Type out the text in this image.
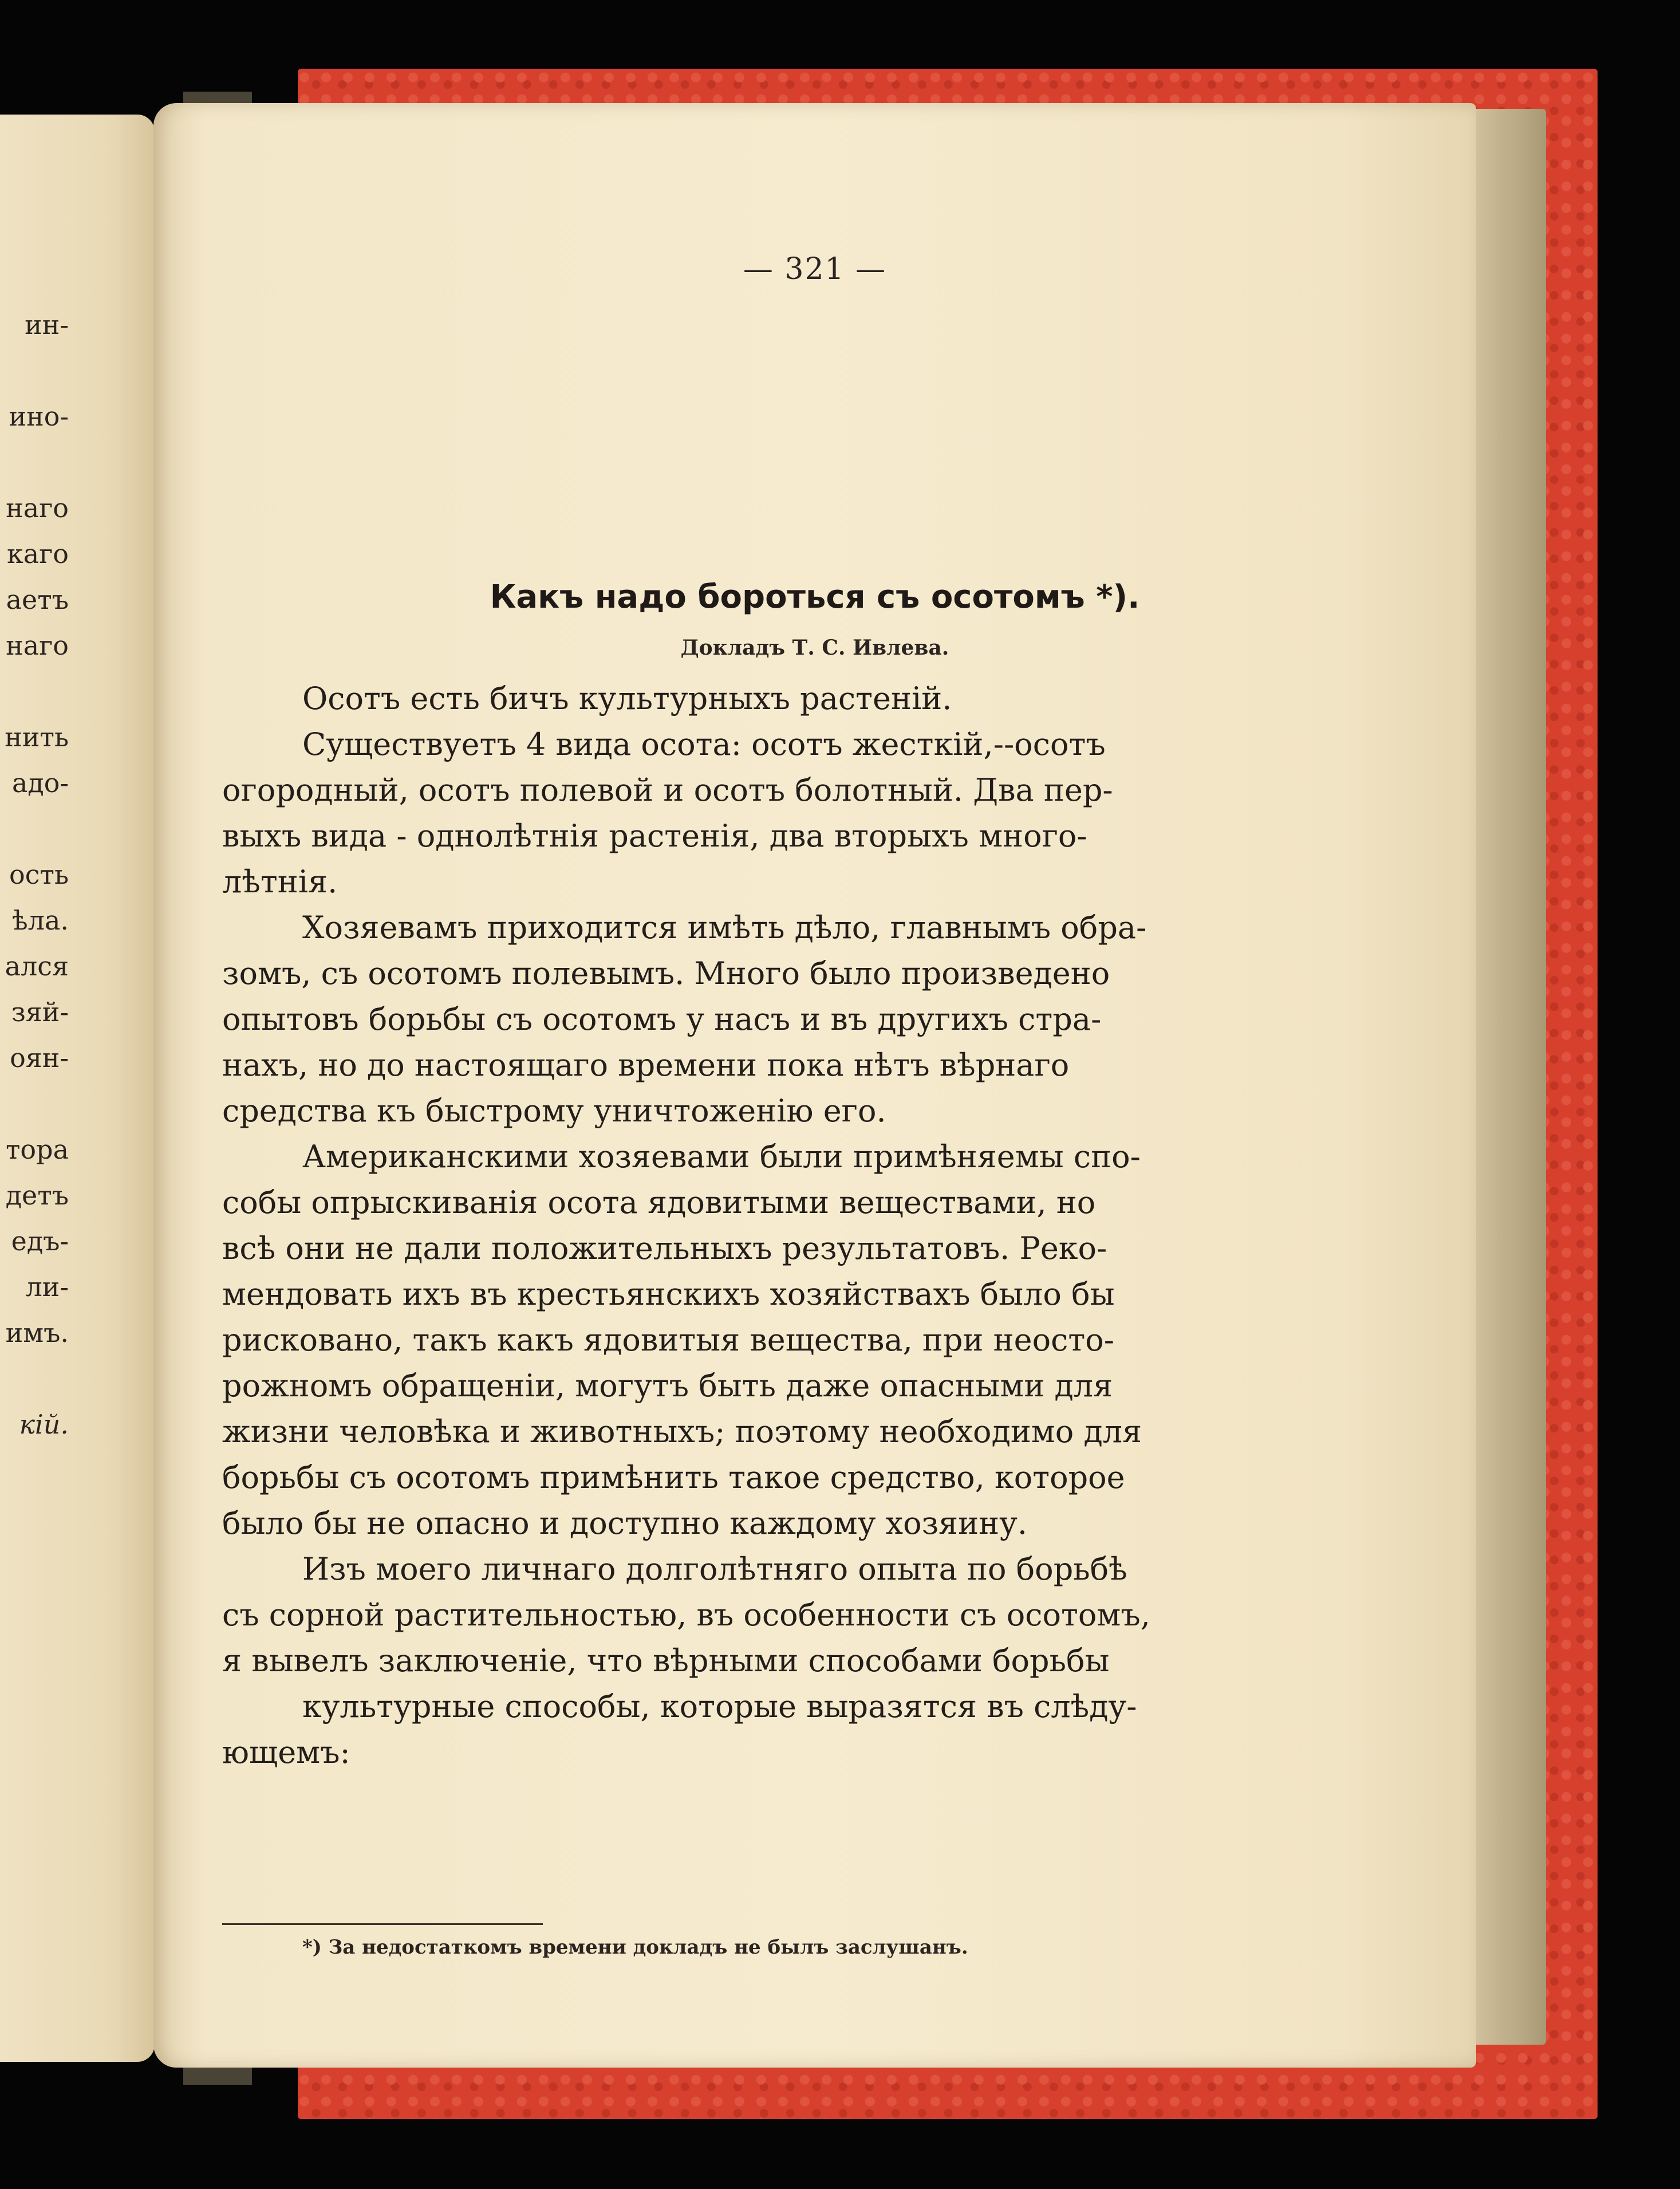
ин-
ино-
наго
каго
аетъ
наго
нить
адо-
ость
ѣла.
ался
зяй-
оян-
тора
детъ
едъ-
ли-
имъ.
кій.
— 321 —
Какъ надо бороться съ осотомъ *).
Докладъ Т. С. Ивлева.
Осотъ есть бичъ культурныхъ растеній.
Существуетъ 4 вида осота: осотъ жесткій,--осотъ
огородный, осотъ полевой и осотъ болотный. Два пер-
выхъ вида - однолѣтнія растенія, два вторыхъ много-
лѣтнія.
Хозяевамъ приходится имѣть дѣло, главнымъ обра-
зомъ, съ осотомъ полевымъ. Много было произведено
опытовъ борьбы съ осотомъ у насъ и въ другихъ стра-
нахъ, но до настоящаго времени пока нѣтъ вѣрнаго
средства къ быстрому уничтоженію его.
Американскими хозяевами были примѣняемы спо-
собы опрыскиванія осота ядовитыми веществами, но
всѣ они не дали положительныхъ результатовъ. Реко-
мендовать ихъ въ крестьянскихъ хозяйствахъ было бы
рисковано, такъ какъ ядовитыя вещества, при неосто-
рожномъ обращеніи, могутъ быть даже опасными для
жизни человѣка и животныхъ; поэтому необходимо для
борьбы съ осотомъ примѣнить такое средство, которое
было бы не опасно и доступно каждому хозяину.
Изъ моего личнаго долголѣтняго опыта по борьбѣ
съ сорной растительностью, въ особенности съ осотомъ,
я вывелъ заключеніе, что вѣрными способами борьбы
культурные способы, которые выразятся въ слѣду-
ющемъ:
*) За недостаткомъ времени докладъ не былъ заслушанъ.
